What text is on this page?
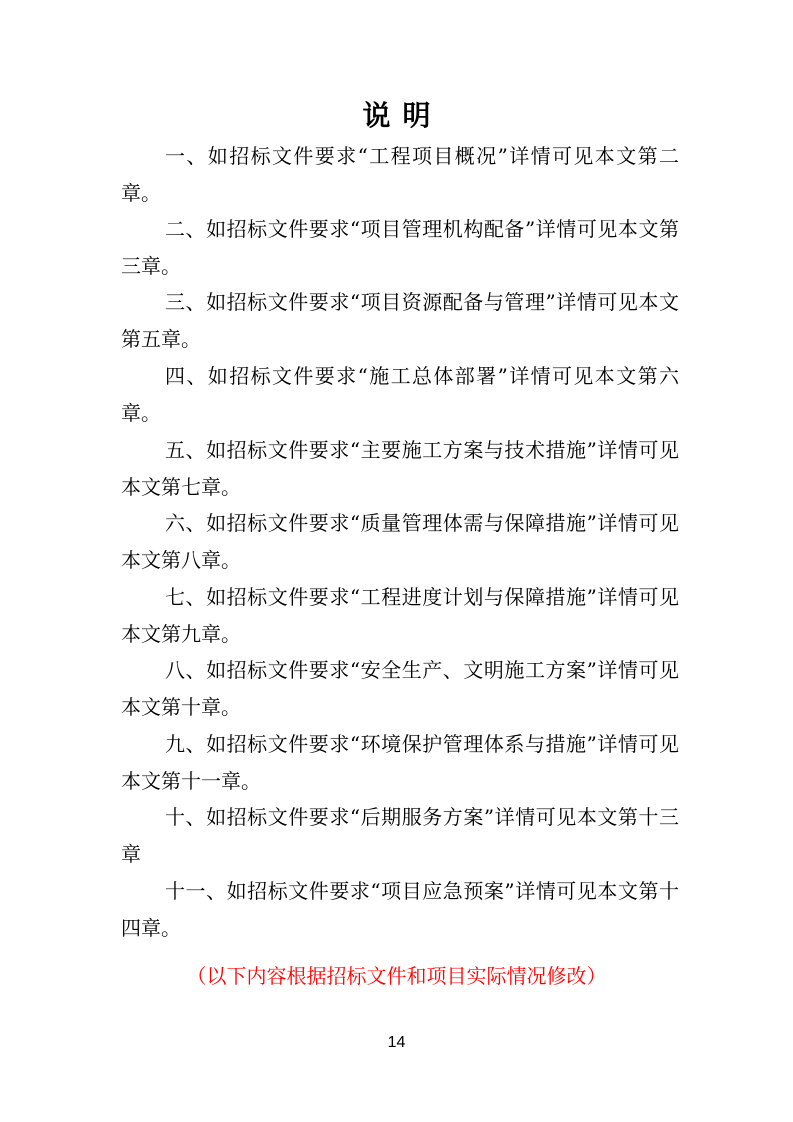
说明

一、如招标文件要求“工程项目概况”详情可见本文第二章。

二、如招标文件要求“项目管理机构配备”详情可见本文第三章。

三、如招标文件要求“项目资源配备与管理”详情可见本文第五章。

四、如招标文件要求“施工总体部署”详情可见本文第六章。

五、如招标文件要求“主要施工方案与技术措施”详情可见本文第七章。

六、如招标文件要求“质量管理体需与保障措施”详情可见本文第八章。

七、如招标文件要求“工程进度计划与保障措施”详情可见本文第九章。

八、如招标文件要求“安全生产、文明施工方案”详情可见本文第十章。

九、如招标文件要求“环境保护管理体系与措施”详情可见本文第十一章。

十、如招标文件要求“后期服务方案”详情可见本文第十三章

十一、如招标文件要求“项目应急预案”详情可见本文第十四章。

（以下内容根据招标文件和项目实际情况修改）
14
